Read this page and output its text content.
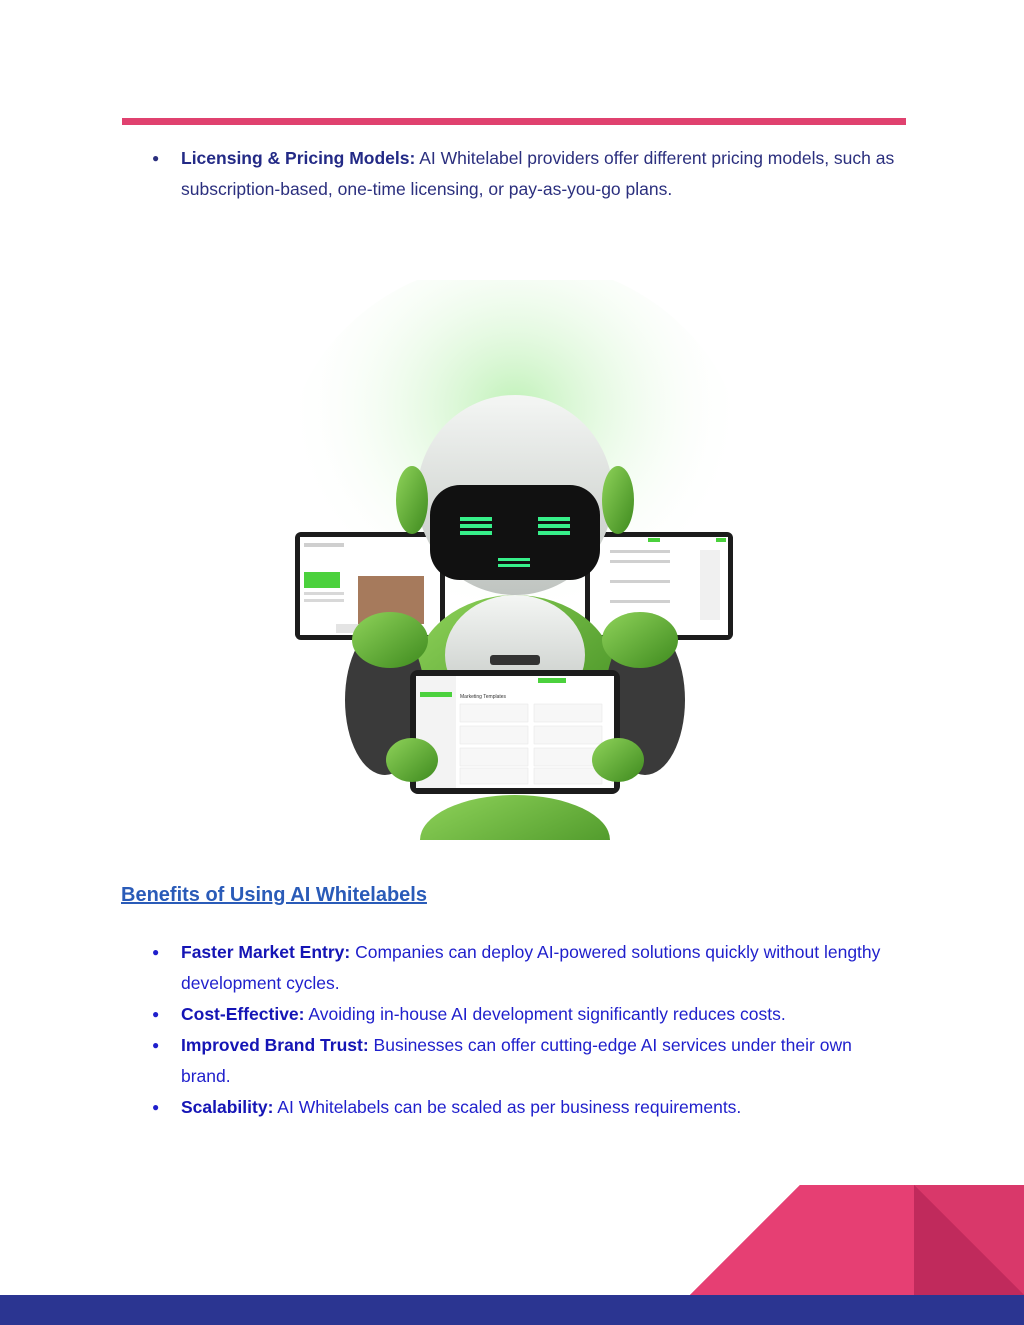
● Licensing & Pricing Models: AI Whitelabel providers offer different pricing models, such as subscription-based, one-time licensing, or pay-as-you-go plans.
Marketing Templates
Benefits of Using AI Whitelabels
● Faster Market Entry: Companies can deploy AI-powered solutions quickly without lengthy development cycles.
● Cost-Effective: Avoiding in-house AI development significantly reduces costs.
● Improved Brand Trust: Businesses can offer cutting-edge AI services under their own brand.
● Scalability: AI Whitelabels can be scaled as per business requirements.
